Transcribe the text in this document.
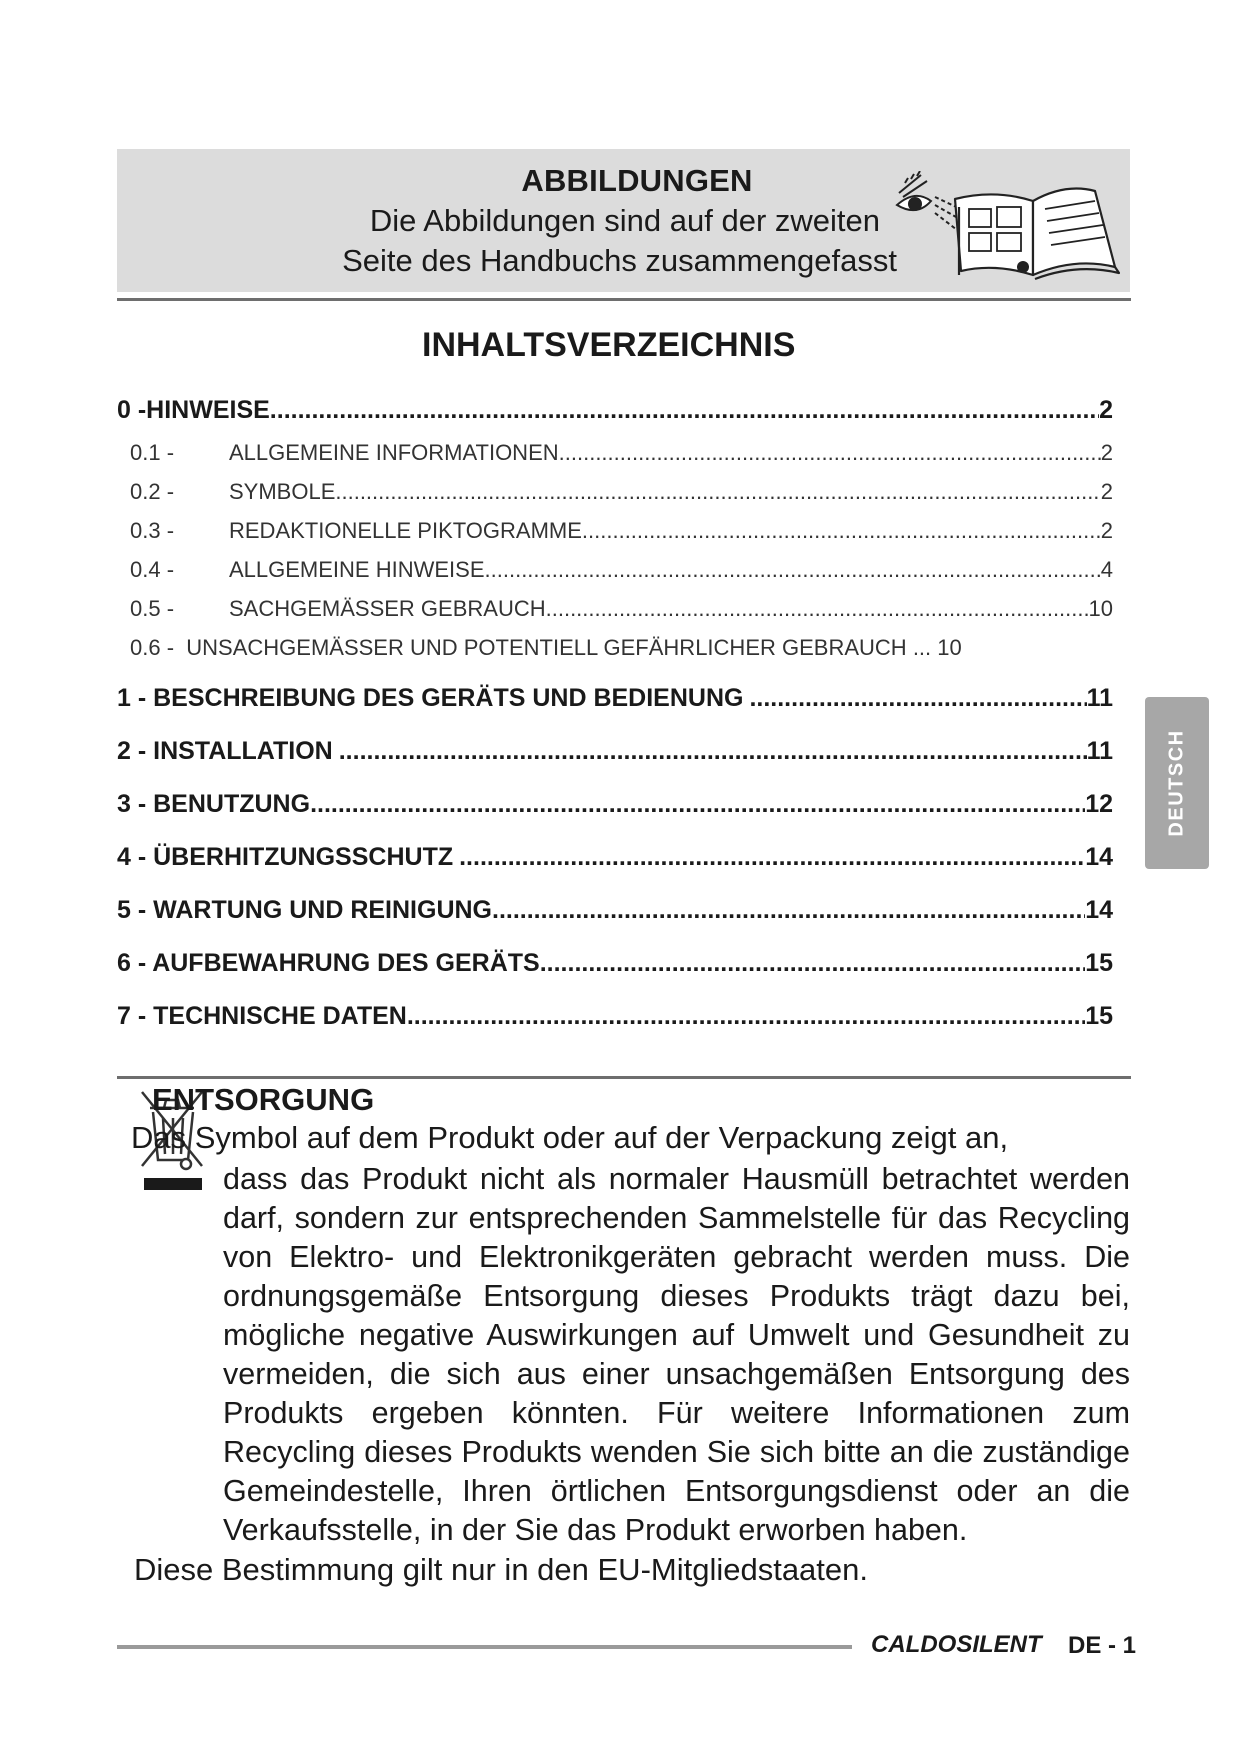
ABBILDUNGEN
Die Abbildungen sind auf der zweiten
Seite des Handbuchs zusammengefasst
INHALTSVERZEICHNIS
0 -HINWEISE .....	2
0.1 - ALLGEMEINE INFORMATIONEN .....	2
0.2 - SYMBOLE .....	2
0.3 - REDAKTIONELLE PIKTOGRAMME .....	2
0.4 - ALLGEMEINE HINWEISE .....	4
0.5 - SACHGEMÄSSER GEBRAUCH .....	10
0.6 - UNSACHGEMÄSSER UND POTENTIELL GEFÄHRLICHER GEBRAUCH ... 10
1 - BESCHREIBUNG DES GERÄTS UND BEDIENUNG .....	11
2 - INSTALLATION .....	11
3 - BENUTZUNG .....	12
4 - ÜBERHITZUNGSSCHUTZ .....	14
5 - WARTUNG UND REINIGUNG .....	14
6 - AUFBEWAHRUNG DES GERÄTS .....	15
7 - TECHNISCHE DATEN .....	15
DEUTSCH
ENTSORGUNG
Das Symbol auf dem Produkt oder auf der Verpackung zeigt an,
dass das Produkt nicht als normaler Hausmüll betrachtet werden darf, sondern zur entsprechenden Sammelstelle für das Recycling von Elektro- und Elektronikgeräten gebracht werden muss. Die ordnungsgemäße Entsorgung dieses Produkts trägt dazu bei, mögliche negative Auswirkungen auf Umwelt und Gesundheit zu vermeiden, die sich aus einer unsachgemäßen Entsorgung des Produkts ergeben könnten. Für weitere Informationen zum Recycling dieses Produkts wenden Sie sich bitte an die zuständige Gemeindestelle, Ihren örtlichen Entsorgungsdienst oder an die Verkaufsstelle, in der Sie das Produkt erworben haben.
Diese Bestimmung gilt nur in den EU-Mitgliedstaaten.
CALDOSILENT DE - 1
